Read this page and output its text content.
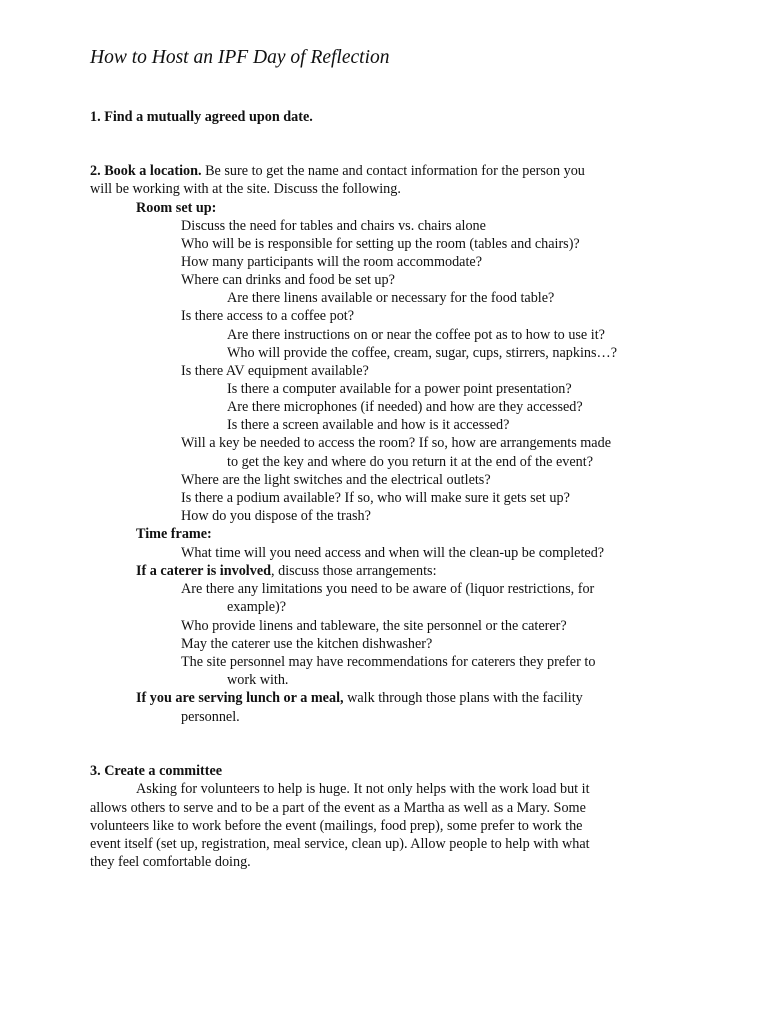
How to Host an IPF Day of Reflection
1. Find a mutually agreed upon date.
2. Book a location. Be sure to get the name and contact information for the person you
will be working with at the site. Discuss the following.
Room set up:
Discuss the need for tables and chairs vs. chairs alone
Who will be is responsible for setting up the room (tables and chairs)?
How many participants will the room accommodate?
Where can drinks and food be set up?
Are there linens available or necessary for the food table?
Is there access to a coffee pot?
Are there instructions on or near the coffee pot as to how to use it?
Who will provide the coffee, cream, sugar, cups, stirrers, napkins…?
Is there AV equipment available?
Is there a computer available for a power point presentation?
Are there microphones (if needed) and how are they accessed?
Is there a screen available and how is it accessed?
Will a key be needed to access the room? If so, how are arrangements made
to get the key and where do you return it at the end of the event?
Where are the light switches and the electrical outlets?
Is there a podium available? If so, who will make sure it gets set up?
How do you dispose of the trash?
Time frame:
What time will you need access and when will the clean-up be completed?
If a caterer is involved, discuss those arrangements:
Are there any limitations you need to be aware of (liquor restrictions, for
example)?
Who provide linens and tableware, the site personnel or the caterer?
May the caterer use the kitchen dishwasher?
The site personnel may have recommendations for caterers they prefer to
work with.
If you are serving lunch or a meal, walk through those plans with the facility
personnel.
3. Create a committee
Asking for volunteers to help is huge. It not only helps with the work load but it
allows others to serve and to be a part of the event as a Martha as well as a Mary. Some
volunteers like to work before the event (mailings, food prep), some prefer to work the
event itself (set up, registration, meal service, clean up). Allow people to help with what
they feel comfortable doing.
